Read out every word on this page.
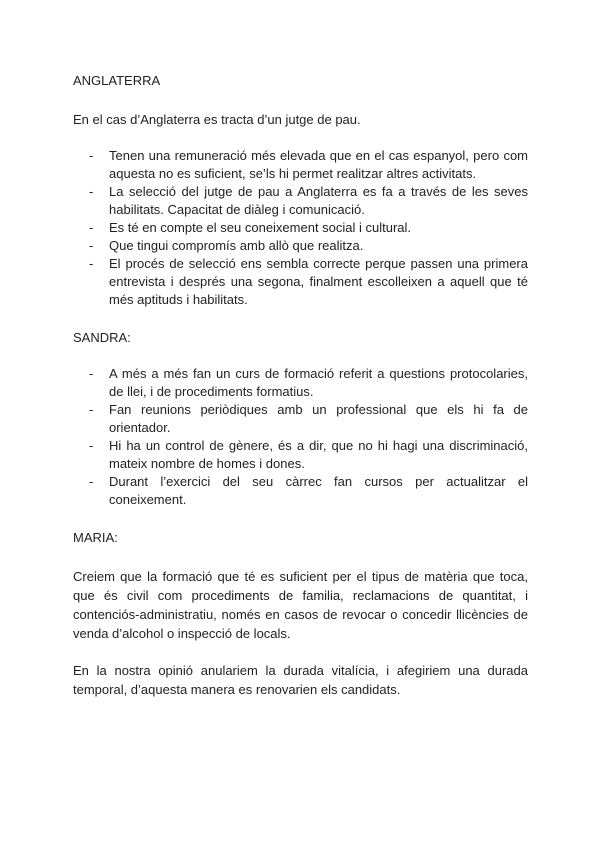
ANGLATERRA

En el cas d’Anglaterra es tracta d’un jutge de pau.

- Tenen una remuneració més elevada que en el cas espanyol, pero com aquesta no es suficient, se’ls hi permet realitzar altres activitats.
- La selecció del jutge de pau a Anglaterra es fa a través de les seves habilitats. Capacitat de diàleg i comunicació.
- Es té en compte el seu coneixement social i cultural.
- Que tingui compromís amb allò que realitza.
- El procés de selecció ens sembla correcte perque passen una primera entrevista i després una segona, finalment escolleixen a aquell que té més aptituds i habilitats.
SANDRA:
- A més a més fan un curs de formació referit a questions protocolaries, de llei, i de procediments formatius.
- Fan reunions periòdiques amb un professional que els hi fa de orientador.
- Hi ha un control de gènere, és a dir, que no hi hagi una discriminació, mateix nombre de homes i dones.
- Durant l’exercici del seu càrrec fan cursos per actualitzar el coneixement.
MARIA:

Creiem que la formació que té es suficient per el tipus de matèria que toca, que és civil com procediments de familia, reclamacions de quantitat, i contenciós-administratiu, només en casos de revocar o concedir llicències de venda d’alcohol o inspecció de locals.

En la nostra opinió anulariem la durada vitalícia, i afegiriem una durada temporal, d’aquesta manera es renovarien els candidats.
